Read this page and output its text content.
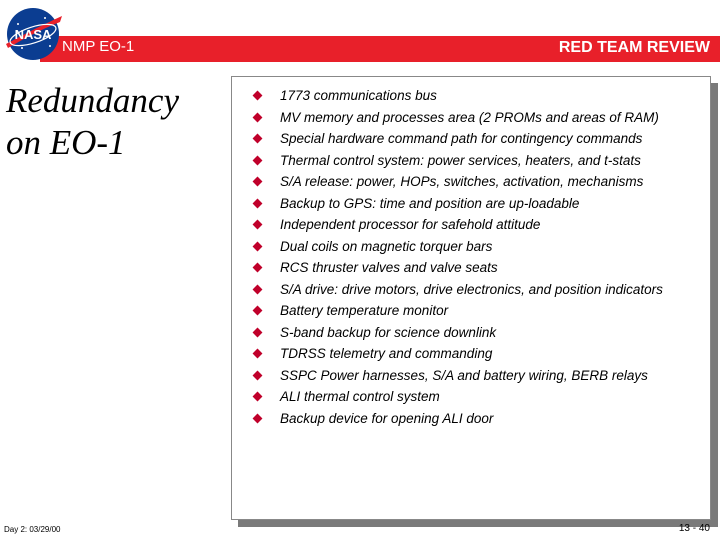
NASA
NMP EO-1	RED TEAM REVIEW
Redundancy
on EO-1
1773 communications bus
MV memory and processes area (2 PROMs and areas of RAM)
Special hardware command path for contingency commands
Thermal control system: power services, heaters, and t-stats
S/A release: power, HOPs, switches, activation, mechanisms
Backup to GPS: time and position are up-loadable
Independent processor for safehold attitude
Dual coils on magnetic torquer bars
RCS thruster valves and valve seats
S/A drive: drive motors, drive electronics, and position indicators
Battery temperature monitor
S-band backup for science downlink
TDRSS telemetry and commanding
SSPC Power harnesses, S/A and battery wiring, BERB relays
ALI thermal control system
Backup device for opening ALI door
Day 2: 03/29/00	13 - 40
